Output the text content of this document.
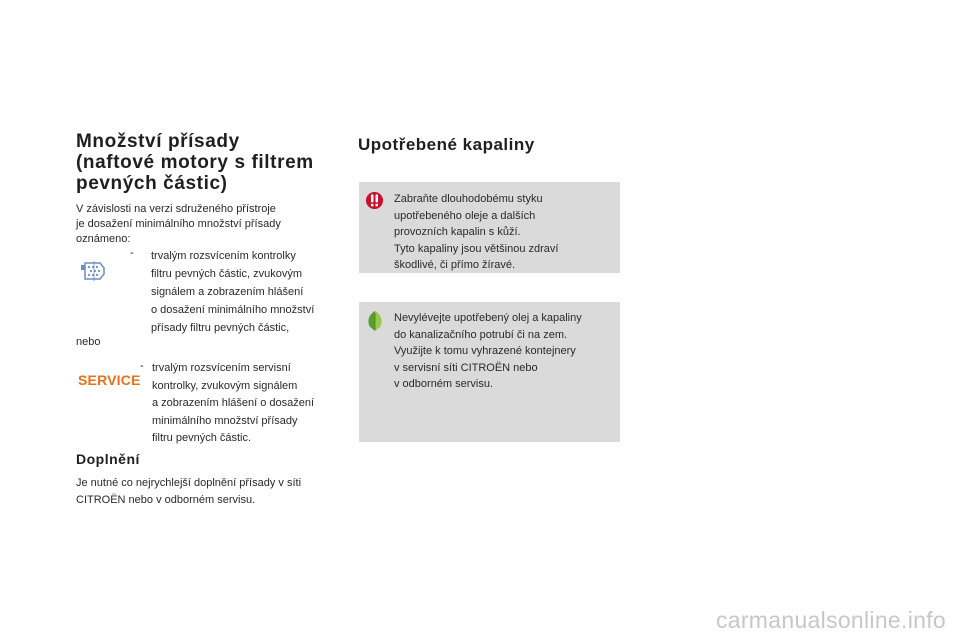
Množství přísady
(naftové motory s filtrem
pevných částic)
V závislosti na verzi sdruženého přístroje
je dosažení minimálního množství přísady
oznámeno:
- trvalým rozsvícením kontrolky
filtru pevných částic, zvukovým
signálem a zobrazením hlášení
o dosažení minimálního množství
přísady filtru pevných částic,
nebo
-
SERVICE
trvalým rozsvícením servisní
kontrolky, zvukovým signálem
a zobrazením hlášení o dosažení
minimálního množství přísady
filtru pevných částic.
Doplnění
Je nutné co nejrychlejší doplnění přísady v síti
CITROËN nebo v odborném servisu.
Upotřebené kapaliny
Zabraňte dlouhodobému styku
upotřebeného oleje a dalších
provozních kapalin s kůží.
Tyto kapaliny jsou většinou zdraví
škodlivé, či přímo žíravé.
Nevylévejte upotřebený olej a kapaliny
do kanalizačního potrubí či na zem.
Využijte k tomu vyhrazené kontejnery
v servisní síti CITROËN nebo
v odborném servisu.
carmanualsonline.info
